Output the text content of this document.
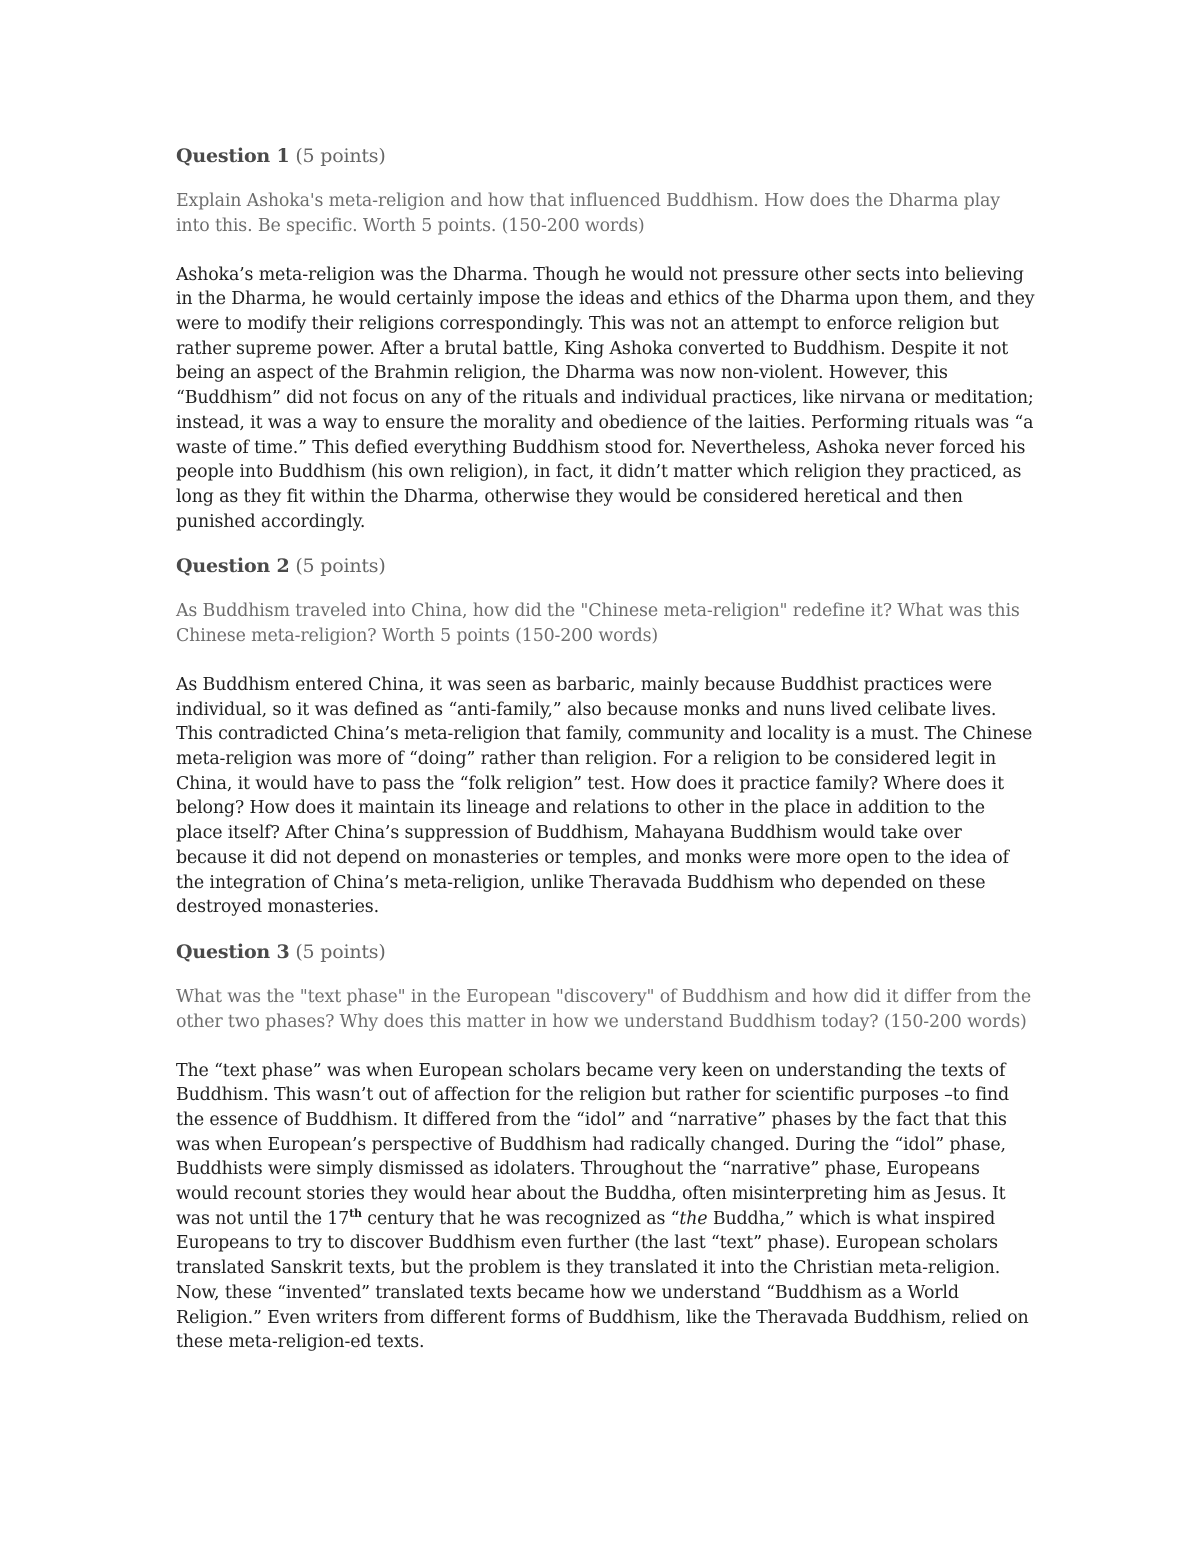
Question 1 (5 points)

Explain Ashoka's meta-religion and how that influenced Buddhism. How does the Dharma play into this. Be specific. Worth 5 points. (150-200 words)

Ashoka’s meta-religion was the Dharma. Though he would not pressure other sects into believing in the Dharma, he would certainly impose the ideas and ethics of the Dharma upon them, and they were to modify their religions correspondingly. This was not an attempt to enforce religion but rather supreme power. After a brutal battle, King Ashoka converted to Buddhism. Despite it not being an aspect of the Brahmin religion, the Dharma was now non-violent. However, this “Buddhism” did not focus on any of the rituals and individual practices, like nirvana or meditation; instead, it was a way to ensure the morality and obedience of the laities. Performing rituals was “a waste of time.” This defied everything Buddhism stood for. Nevertheless, Ashoka never forced his people into Buddhism (his own religion), in fact, it didn’t matter which religion they practiced, as long as they fit within the Dharma, otherwise they would be considered heretical and then punished accordingly.

Question 2 (5 points)

As Buddhism traveled into China, how did the "Chinese meta-religion" redefine it? What was this Chinese meta-religion? Worth 5 points (150-200 words)

As Buddhism entered China, it was seen as barbaric, mainly because Buddhist practices were individual, so it was defined as “anti-family,” also because monks and nuns lived celibate lives. This contradicted China’s meta-religion that family, community and locality is a must. The Chinese meta-religion was more of “doing” rather than religion. For a religion to be considered legit in China, it would have to pass the “folk religion” test. How does it practice family? Where does it belong? How does it maintain its lineage and relations to other in the place in addition to the place itself? After China’s suppression of Buddhism, Mahayana Buddhism would take over because it did not depend on monasteries or temples, and monks were more open to the idea of the integration of China’s meta-religion, unlike Theravada Buddhism who depended on these destroyed monasteries.

Question 3 (5 points)

What was the "text phase" in the European "discovery" of Buddhism and how did it differ from the other two phases? Why does this matter in how we understand Buddhism today? (150-200 words)

The “text phase” was when European scholars became very keen on understanding the texts of Buddhism. This wasn’t out of affection for the religion but rather for scientific purposes –to find the essence of Buddhism. It differed from the “idol” and “narrative” phases by the fact that this was when European’s perspective of Buddhism had radically changed. During the “idol” phase, Buddhists were simply dismissed as idolaters. Throughout the “narrative” phase, Europeans would recount stories they would hear about the Buddha, often misinterpreting him as Jesus. It was not until the 17th century that he was recognized as “the Buddha,” which is what inspired Europeans to try to discover Buddhism even further (the last “text” phase). European scholars translated Sanskrit texts, but the problem is they translated it into the Christian meta-religion. Now, these “invented” translated texts became how we understand “Buddhism as a World Religion.” Even writers from different forms of Buddhism, like the Theravada Buddhism, relied on these meta-religion-ed texts.
